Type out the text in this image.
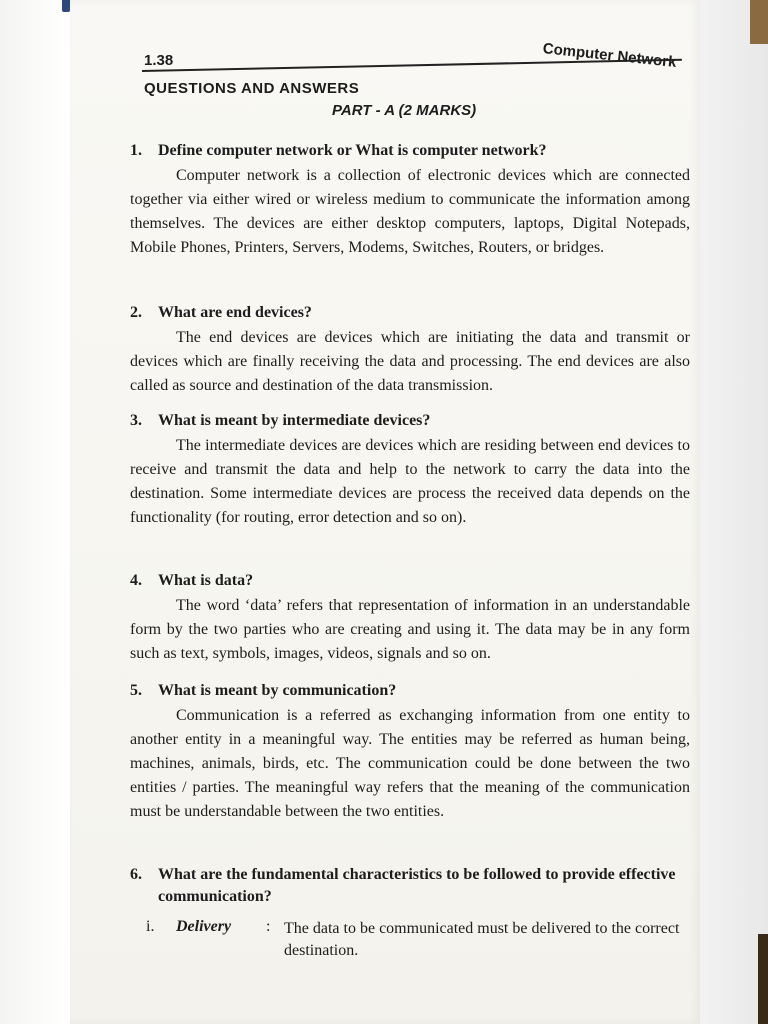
1.38	Computer Network
QUESTIONS AND ANSWERS
PART - A (2 MARKS)

1.	Define computer network or What is computer network?

Computer network is a collection of electronic devices which are connected together via either wired or wireless medium to communicate the information among themselves. The devices are either desktop computers, laptops, Digital Notepads, Mobile Phones, Printers, Servers, Modems, Switches, Routers, or bridges.

2.	What are end devices?

The end devices are devices which are initiating the data and transmit or devices which are finally receiving the data and processing. The end devices are also called as source and destination of the data transmission.

3.	What is meant by intermediate devices?

The intermediate devices are devices which are residing between end devices to receive and transmit the data and help to the network to carry the data into the destination. Some intermediate devices are process the received data depends on the functionality (for routing, error detection and so on).

4.	What is data?

The word ‘data’ refers that representation of information in an understandable form by the two parties who are creating and using it. The data may be in any form such as text, symbols, images, videos, signals and so on.

5.	What is meant by communication?

Communication is a referred as exchanging information from one entity to another entity in a meaningful way. The entities may be referred as human being, machines, animals, birds, etc. The communication could be done between the two entities / parties. The meaningful way refers that the meaning of the communication must be understandable between the two entities.

6.	What are the fundamental characteristics to be followed to provide effective communication?

i.	Delivery	: The data to be communicated must be delivered to the correct destination.
